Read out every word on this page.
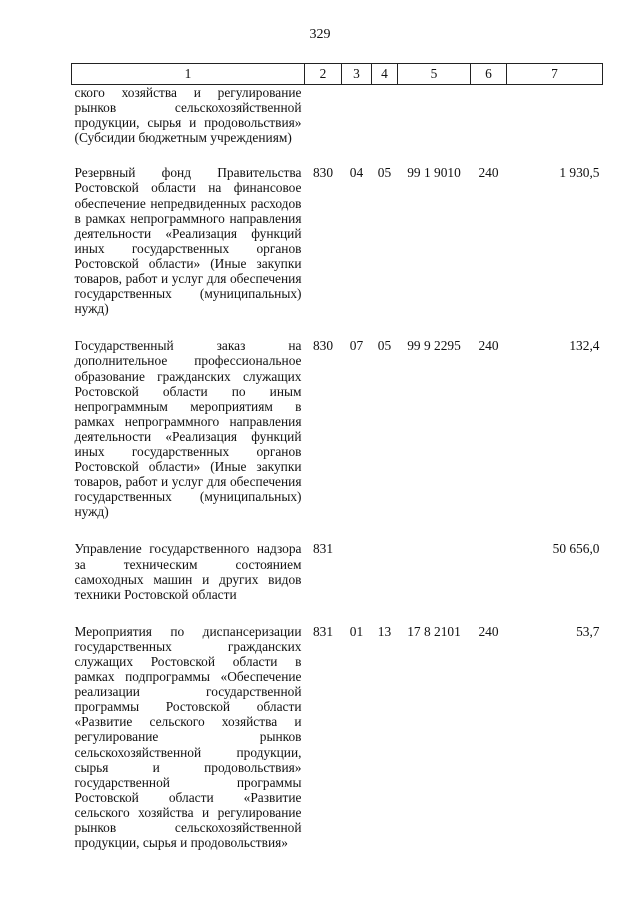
329
1	2	3	4	5	6	7
ского хозяйства и регулирование рынков сельскохозяйственной продукции, сырья и продовольствия» (Субсидии бюджетным учреждениям)						
Резервный фонд Правительства Ростовской области на финансовое обеспечение непредвиденных расходов в рамках непрограммного направления деятельности «Реализация функций иных государственных органов Ростовской области» (Иные закупки товаров, работ и услуг для обеспечения государственных (муниципальных) нужд)	830	04	05	99 1 9010	240	1 930,5
Государственный заказ на дополнительное профессиональное образование гражданских служащих Ростовской области по иным непрограммным мероприятиям в рамках непрограммного направления деятельности «Реализация функций иных государственных органов Ростовской области» (Иные закупки товаров, работ и услуг для обеспечения государственных (муниципальных) нужд)	830	07	05	99 9 2295	240	132,4
Управление государственного надзора за техническим состоянием самоходных машин и других видов техники Ростовской области	831					50 656,0
Мероприятия по диспансеризации государственных гражданских служащих Ростовской области в рамках подпрограммы «Обеспечение реализации государственной программы Ростовской области «Развитие сельского хозяйства и регулирование рынков сельскохозяйственной продукции, сырья и продовольствия» государственной программы Ростовской области «Развитие сельского хозяйства и регулирование рынков сельскохозяйственной продукции, сырья и продовольствия»	831	01	13	17 8 2101	240	53,7
